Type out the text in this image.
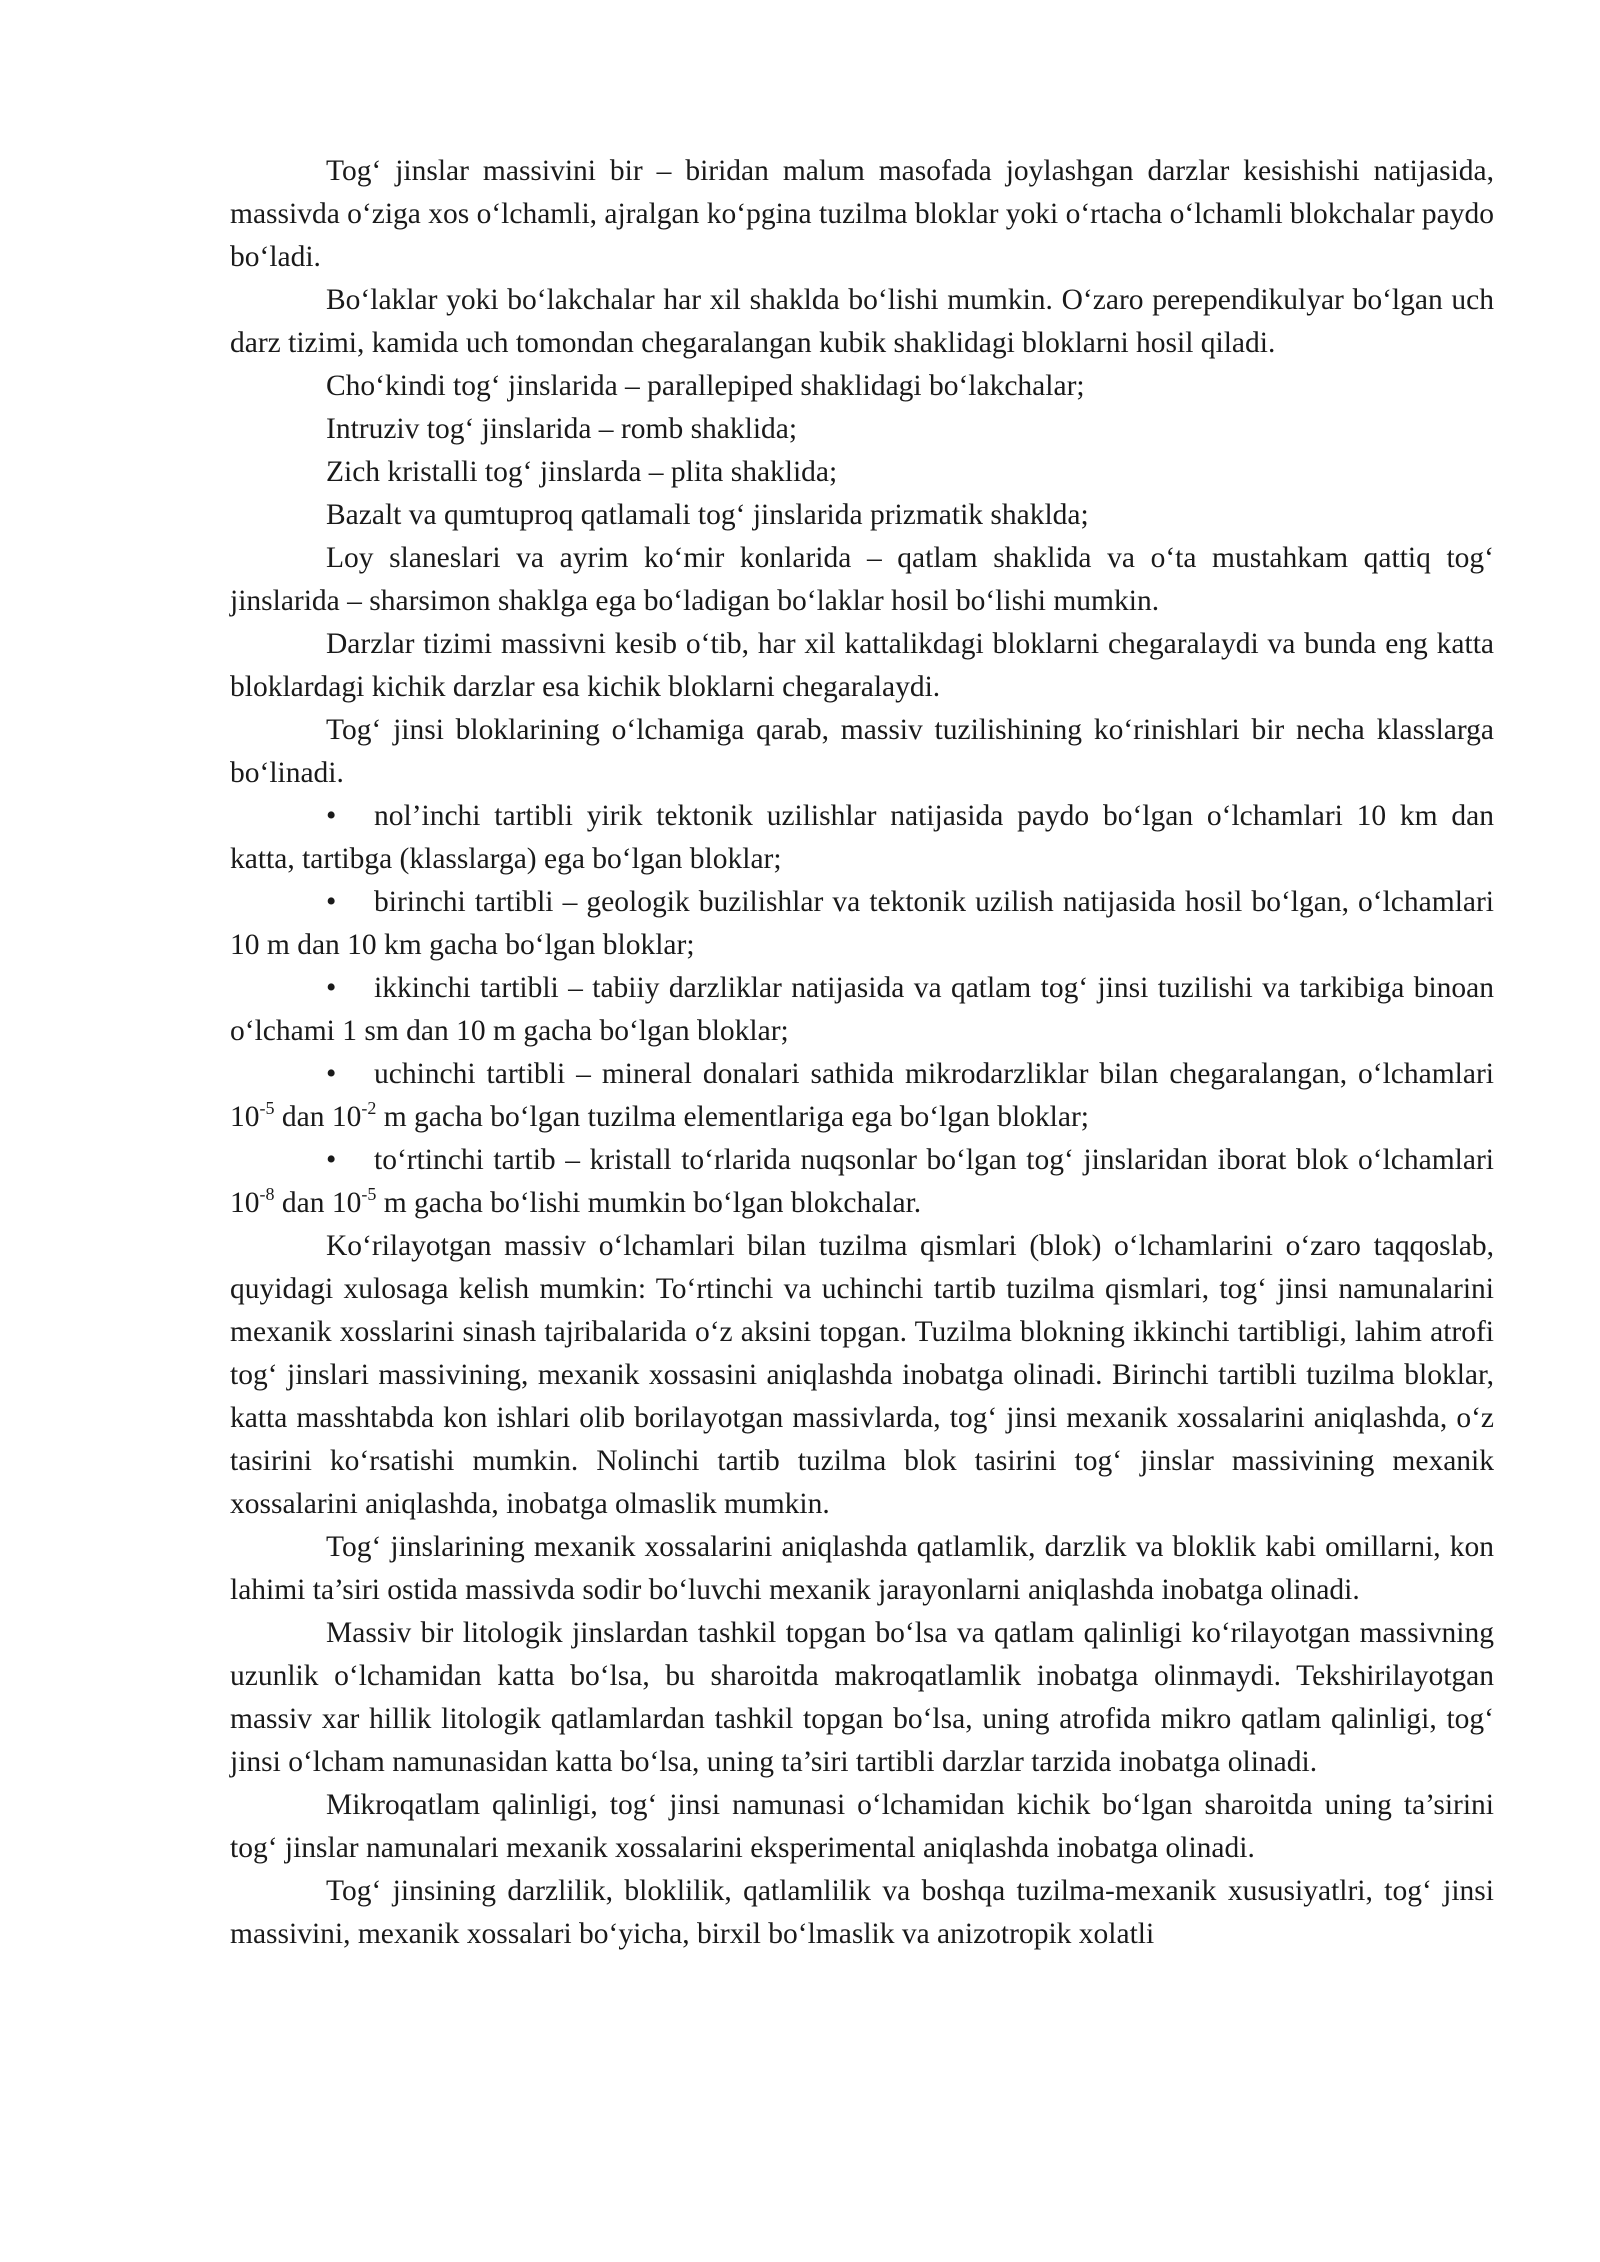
Tog‘ jinslar massivini bir – biridan malum masofada joylashgan darzlar kesishishi natijasida, massivda o‘ziga xos o‘lchamli, ajralgan ko‘pgina tuzilma bloklar yoki o‘rtacha o‘lchamli blokchalar paydo bo‘ladi.

Bo‘laklar yoki bo‘lakchalar har xil shaklda bo‘lishi mumkin. O‘zaro perependikulyar bo‘lgan uch darz tizimi, kamida uch tomondan chegaralangan kubik shaklidagi bloklarni hosil qiladi.

Cho‘kindi tog‘ jinslarida – parallepiped shaklidagi bo‘lakchalar;

Intruziv tog‘ jinslarida – romb shaklida;

Zich kristalli tog‘ jinslarda – plita shaklida;

Bazalt va qumtuproq qatlamali tog‘ jinslarida prizmatik shaklda;

Loy slaneslari va ayrim ko‘mir konlarida – qatlam shaklida va o‘ta mustahkam qattiq tog‘ jinslarida – sharsimon shaklga ega bo‘ladigan bo‘laklar hosil bo‘lishi mumkin.

Darzlar tizimi massivni kesib o‘tib, har xil kattalikdagi bloklarni chegaralaydi va bunda eng katta bloklardagi kichik darzlar esa kichik bloklarni chegaralaydi.

Tog‘ jinsi bloklarining o‘lchamiga qarab, massiv tuzilishining ko‘rinishlari bir necha klasslarga bo‘linadi.

• nol’inchi tartibli yirik tektonik uzilishlar natijasida paydo bo‘lgan o‘lchamlari 10 km dan katta, tartibga (klasslarga) ega bo‘lgan bloklar;

• birinchi tartibli – geologik buzilishlar va tektonik uzilish natijasida hosil bo‘lgan, o‘lchamlari 10 m dan 10 km gacha bo‘lgan bloklar;

• ikkinchi tartibli – tabiiy darzliklar natijasida va qatlam tog‘ jinsi tuzilishi va tarkibiga binoan o‘lchami 1 sm dan 10 m gacha bo‘lgan bloklar;

• uchinchi tartibli – mineral donalari sathida mikrodarzliklar bilan chegaralangan, o‘lchamlari $10^{-5}$ dan $10^{-2}$ m gacha bo‘lgan tuzilma elementlariga ega bo‘lgan bloklar;

• to‘rtinchi tartib – kristall to‘rlarida nuqsonlar bo‘lgan tog‘ jinslaridan iborat blok o‘lchamlari $10^{-8}$ dan $10^{-5}$ m gacha bo‘lishi mumkin bo‘lgan blokchalar.

Ko‘rilayotgan massiv o‘lchamlari bilan tuzilma qismlari (blok) o‘lchamlarini o‘zaro taqqoslab, quyidagi xulosaga kelish mumkin: To‘rtinchi va uchinchi tartib tuzilma qismlari, tog‘ jinsi namunalarini mexanik xosslarini sinash tajribalarida o‘z aksini topgan. Tuzilma blokning ikkinchi tartibligi, lahim atrofi tog‘ jinslari massivining, mexanik xossasini aniqlashda inobatga olinadi. Birinchi tartibli tuzilma bloklar, katta masshtabda kon ishlari olib borilayotgan massivlarda, tog‘ jinsi mexanik xossalarini aniqlashda, o‘z tasirini ko‘rsatishi mumkin. Nolinchi tartib tuzilma blok tasirini tog‘ jinslar massivining mexanik xossalarini aniqlashda, inobatga olmaslik mumkin.

Tog‘ jinslarining mexanik xossalarini aniqlashda qatlamlik, darzlik va bloklik kabi omillarni, kon lahimi ta’siri ostida massivda sodir bo‘luvchi mexanik jarayonlarni aniqlashda inobatga olinadi.

Massiv bir litologik jinslardan tashkil topgan bo‘lsa va qatlam qalinligi ko‘rilayotgan massivning uzunlik o‘lchamidan katta bo‘lsa, bu sharoitda makroqatlamlik inobatga olinmaydi. Tekshirilayotgan massiv xar hillik litologik qatlamlardan tashkil topgan bo‘lsa, uning atrofida mikro qatlam qalinligi, tog‘ jinsi o‘lcham namunasidan katta bo‘lsa, uning ta’siri tartibli darzlar tarzida inobatga olinadi.

Mikroqatlam qalinligi, tog‘ jinsi namunasi o‘lchamidan kichik bo‘lgan sharoitda uning ta’sirini tog‘ jinslar namunalari mexanik xossalarini eksperimental aniqlashda inobatga olinadi.

Tog‘ jinsining darzlilik, bloklilik, qatlamlilik va boshqa tuzilma-mexanik xususiyatlri, tog‘ jinsi massivini, mexanik xossalari bo‘yicha, birxil bo‘lmaslik va anizotropik xolatli
